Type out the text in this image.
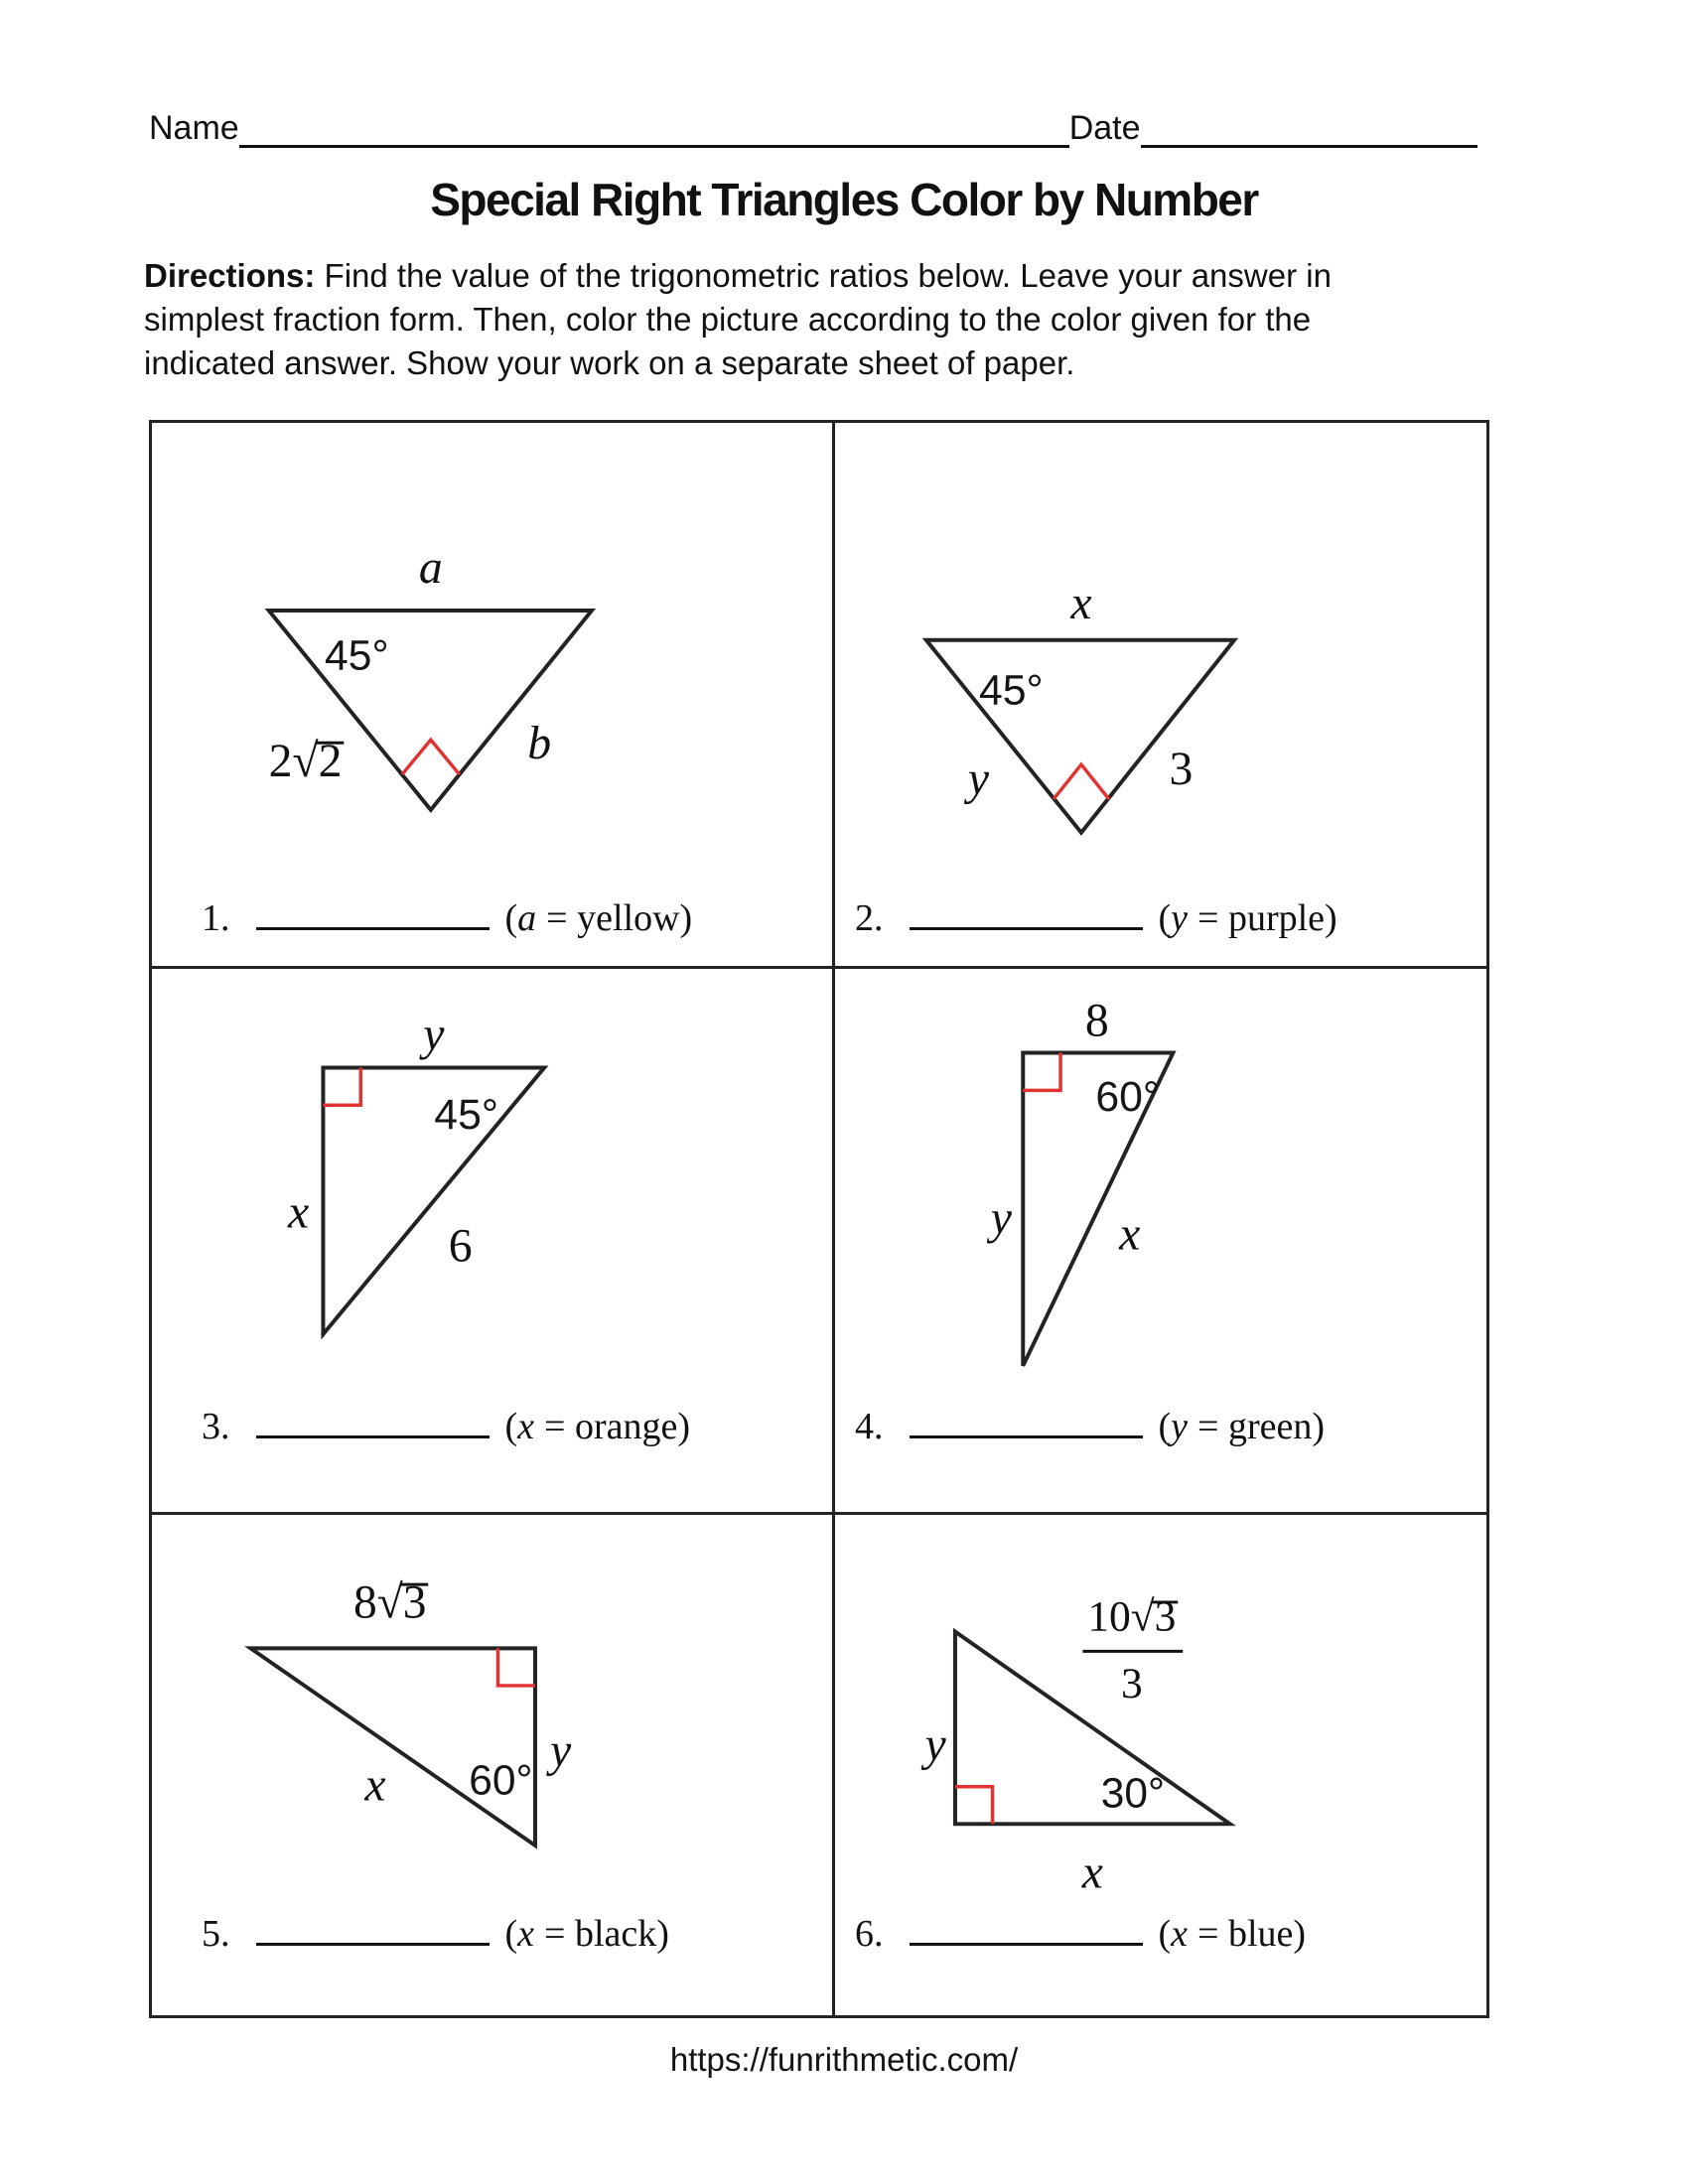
Name	Date
Special Right Triangles Color by Number
Directions: Find the value of the trigonometric ratios below. Leave your answer in
simplest fraction form. Then, color the picture according to the color given for the
indicated answer. Show your work on a separate sheet of paper.
a
45°
2√2	b
1.	(a = yellow)
x
45°
y	3
2.	(y = purple)
y
45°
x
6
3.	(x = orange)
8
60°
y x
4.	(y = green)
8√3
x 60°
y
5.	(x = black)
10√3
3
y
30°
x
6.	(x = blue)
https://funrithmetic.com/
